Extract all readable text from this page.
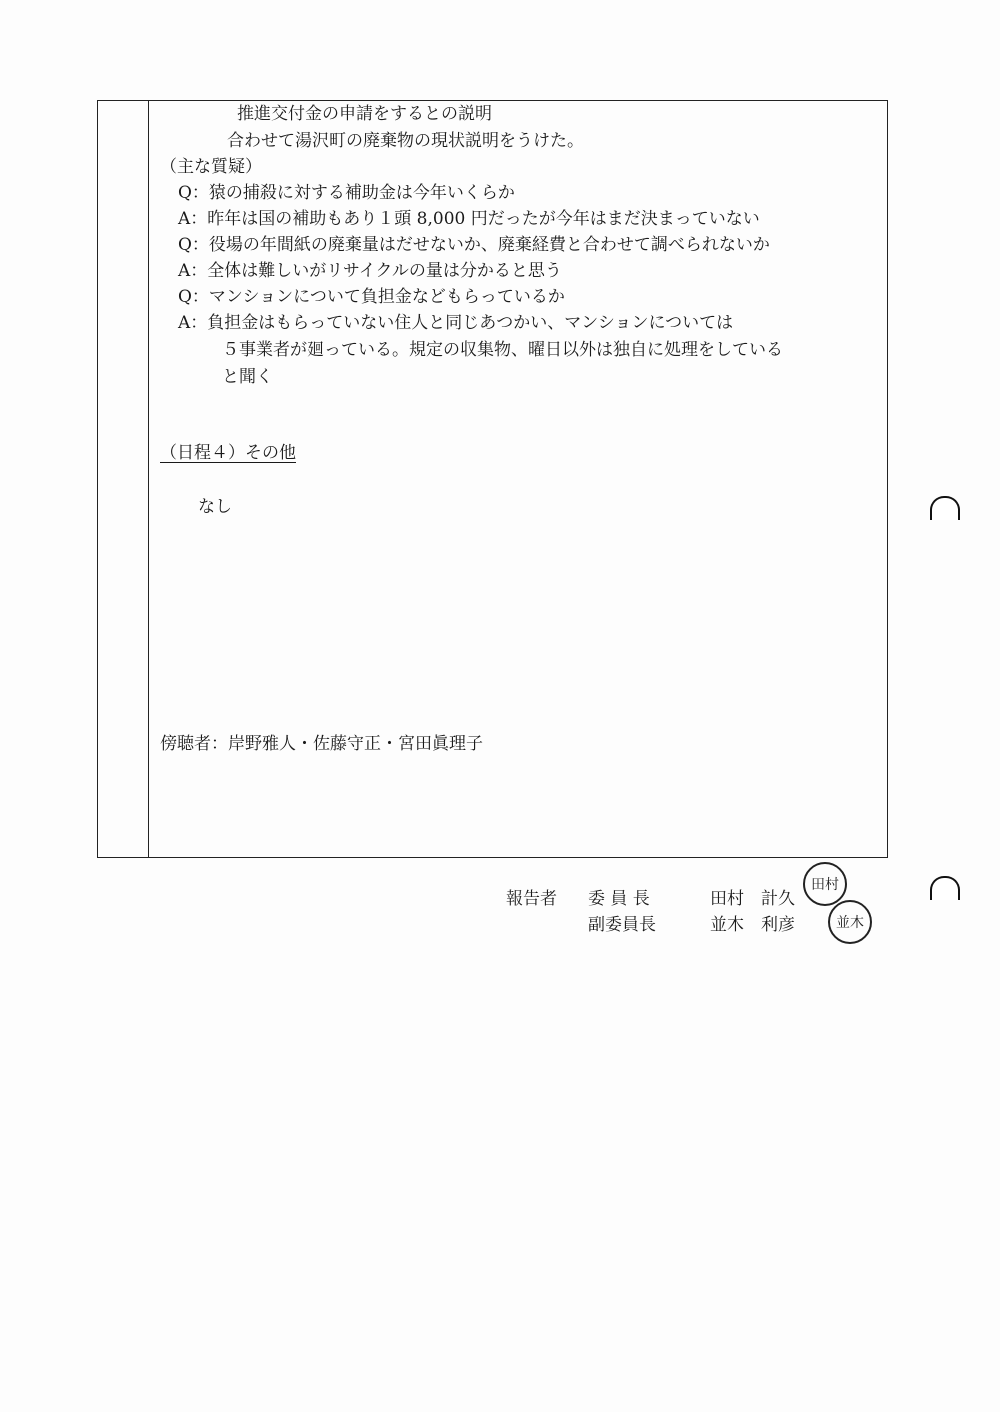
推進交付金の申請をするとの説明
合わせて湯沢町の廃棄物の現状説明をうけた。
（主な質疑）
Q：猿の捕殺に対する補助金は今年いくらか
A：昨年は国の補助もあり１頭 8,000 円だったが今年はまだ決まっていない
Q：役場の年間紙の廃棄量はだせないか、廃棄経費と合わせて調べられないか
A：全体は難しいがリサイクルの量は分かると思う
Q：マンションについて負担金などもらっているか
A：負担金はもらっていない住人と同じあつかい、マンションについては
５事業者が廻っている。規定の収集物、曜日以外は独自に処理をしている
と聞く
（日程４）その他
なし
傍聴者：岸野雅人・佐藤守正・宮田眞理子
報告者 委 員 長	田村　計久
副委員長	並木　利彦
田村
並木
